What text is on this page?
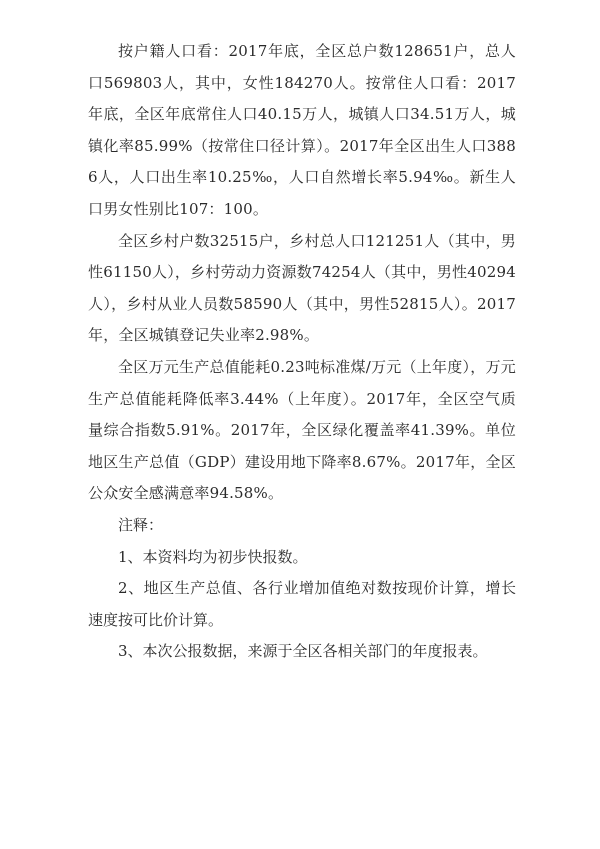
按户籍人口看：2017年底，全区总户数128651户，总人口569803人，其中，女性184270人。按常住人口看：2017年底，全区年底常住人口40.15万人，城镇人口34.51万人，城镇化率85.99%（按常住口径计算）。2017年全区出生人口3886人，人口出生率10.25‰，人口自然增长率5.94‰。新生人口男女性别比107：100。

全区乡村户数32515户，乡村总人口121251人（其中，男性61150人），乡村劳动力资源数74254人（其中，男性40294人），乡村从业人员数58590人（其中，男性52815人）。2017年，全区城镇登记失业率2.98%。

全区万元生产总值能耗0.23吨标准煤/万元（上年度），万元生产总值能耗降低率3.44%（上年度）。2017年，全区空气质量综合指数5.91%。2017年，全区绿化覆盖率41.39%。单位地区生产总值（GDP）建设用地下降率8.67%。2017年，全区公众安全感满意率94.58%。

注释：

1、本资料均为初步快报数。

2、地区生产总值、各行业增加值绝对数按现价计算，增长速度按可比价计算。

3、本次公报数据，来源于全区各相关部门的年度报表。
